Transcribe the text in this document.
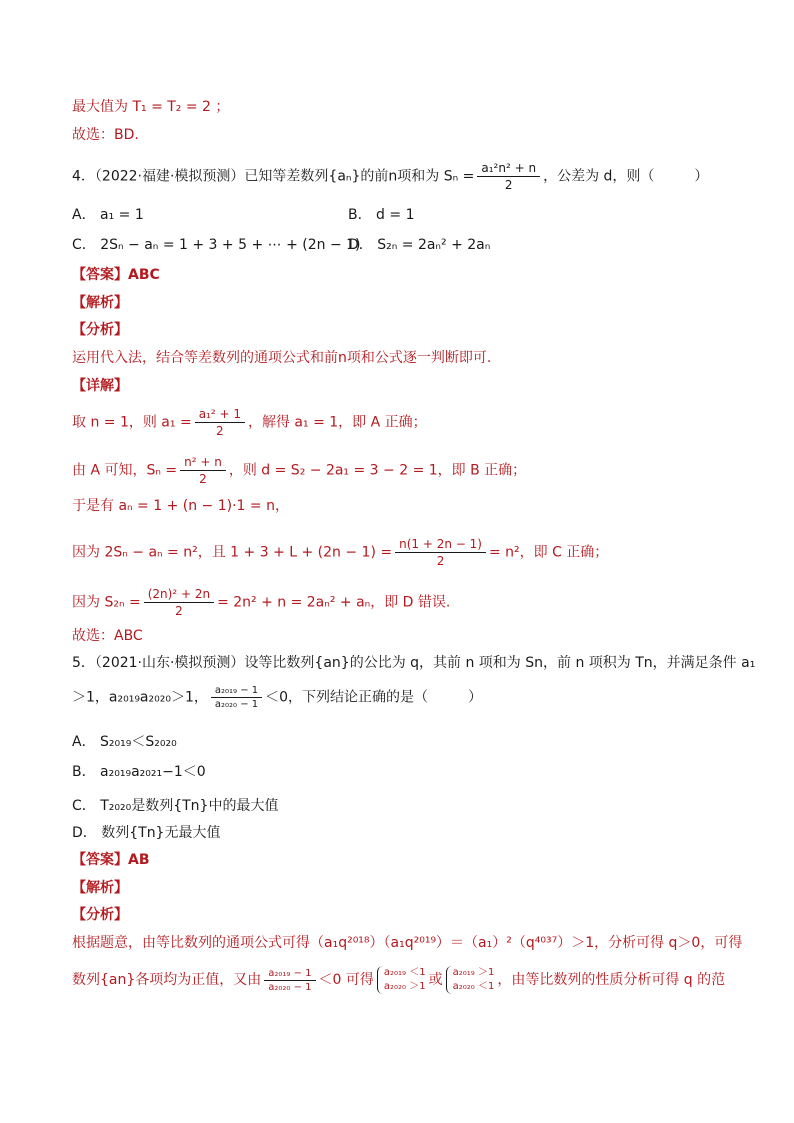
最大值为 T₁ = T₂ = 2 ；
故选：BD.
4．（2022·福建·模拟预测）已知等差数列{aₙ}的前n项和为 $S_n = \frac{\text{a₁²n² + n}}{2}$ ，公差为 d，则（	）
A． a₁ = 1	B． d = 1
C． 2Sₙ − aₙ = 1 + 3 + 5 + ⋯ + (2n − 1)
D． S₂ₙ = 2aₙ² + 2aₙ
【答案】ABC
【解析】
【分析】
运用代入法，结合等差数列的通项公式和前n项和公式逐一判断即可.
【详解】
取 n = 1，则 $a_1 = \frac{\text{a₁² + 1}}{2}$ ，解得 a₁ = 1，即 A 正确；
由 A 可知，$S_n = \frac{\text{n² + n}}{2}$ ，则 d = S₂ − 2a₁ = 3 − 2 = 1，即 B 正确；
于是有 aₙ = 1 + (n − 1)·1 = n，
因为 2Sₙ − aₙ = n²，且 $1 + 3 + L + (2n - 1) = \frac{n(1 + 2n - 1)}{2} = n^2$，即 C 正确；
因为 $S_{2n} = \frac{\text{(2n)² + 2n}}{2} = 2n^2 + n = 2a_n^2 + a_n$，即 D 错误.
故选：ABC
5．（2021·山东·模拟预测）设等比数列{an}的公比为 q，其前 n 项和为 Sn，前 n 项积为 Tn，并满足条件 a₁
＞1，a₂₀₁₉a₂₀₂₀＞1， $\frac{\text{a₂₀₁₉ − 1}}{\text{a₂₀₂₀ − 1}} <0$，下列结论正确的是（	）
A． S₂₀₁₉＜S₂₀₂₀
B． a₂₀₁₉a₂₀₂₁−1＜0
C． T₂₀₂₀是数列{Tn}中的最大值
D． 数列{Tn}无最大值
【答案】AB
【解析】
【分析】
根据题意，由等比数列的通项公式可得（a₁q²⁰¹⁸）（a₁q²⁰¹⁹）＝（a₁）²（q⁴⁰³⁷）＞1，分析可得 q＞0，可得
数列{an}各项均为正值，又由 $\frac{\text{a₂₀₁₉ − 1}}{\text{a₂₀₂₀ − 1}} <0$ 可得 a₂₀₁₉ ＜1
a₂₀₂₀ ＞1 或 a₂₀₁₉ ＞1
a₂₀₂₀ ＜1 ，由等比数列的性质分析可得 q 的范
